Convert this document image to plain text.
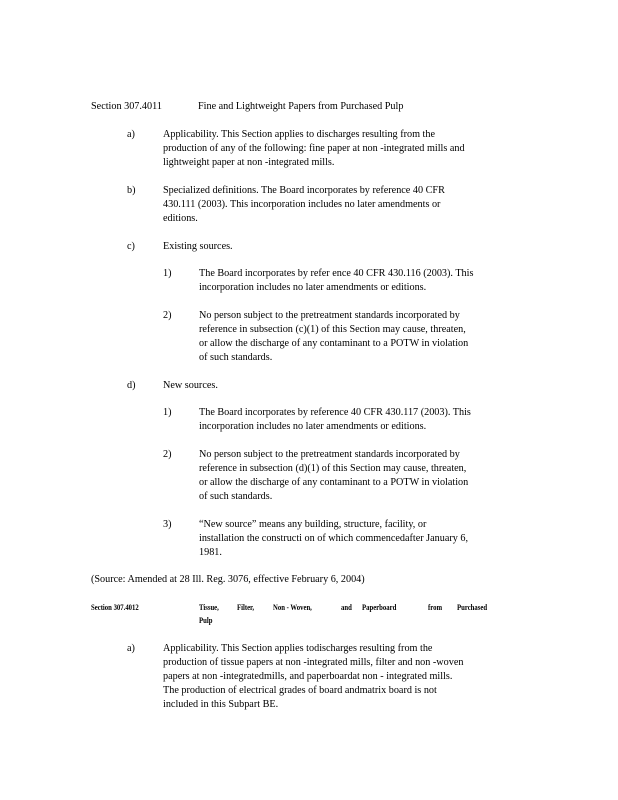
Section 307.4011	Fine and Lightweight Papers from Purchased Pulp

a)	Applicability. This Section applies to discharges resulting from the

production of any of the following: fine paper at non -integrated mills and

lightweight paper at non -integrated mills.

b)	Specialized definitions. The Board incorporates by reference 40 CFR

430.111 (2003). This incorporation includes no later amendments or

editions.

c)	Existing sources.

1)	The Board incorporates by refer ence 40 CFR 430.116 (2003). This

incorporation includes no later amendments or editions.

2)	No person subject to the pretreatment standards incorporated by

reference in subsection (c)(1) of this Section may cause, threaten,

or allow the discharge of any contaminant to a POTW in violation

of such standards.

d)	New sources.

1)	The Board incorporates by reference 40 CFR 430.117 (2003). This

incorporation includes no later amendments or editions.

2)	No person subject to the pretreatment standards incorporated by

reference in subsection (d)(1) of this Section may cause, threaten,

or allow the discharge of any contaminant to a POTW in violation

of such standards.

3)	“New source” means any building, structure, facility, or

installation the constructi on of which commencedafter January 6,

1981.

(Source: Amended at 28 Ill. Reg. 3076, effective February 6, 2004)

Section 307.4012	Tissue, Filter, Non - Woven,	and Paperboard	from Purchased

Pulp

a)	Applicability. This Section applies todischarges resulting from the

production of tissue papers at non -integrated mills, filter and non -woven

papers at non -integratedmills, and paperboardat non - integrated mills.

The production of electrical grades of board andmatrix board is not

included in this Subpart BE.
